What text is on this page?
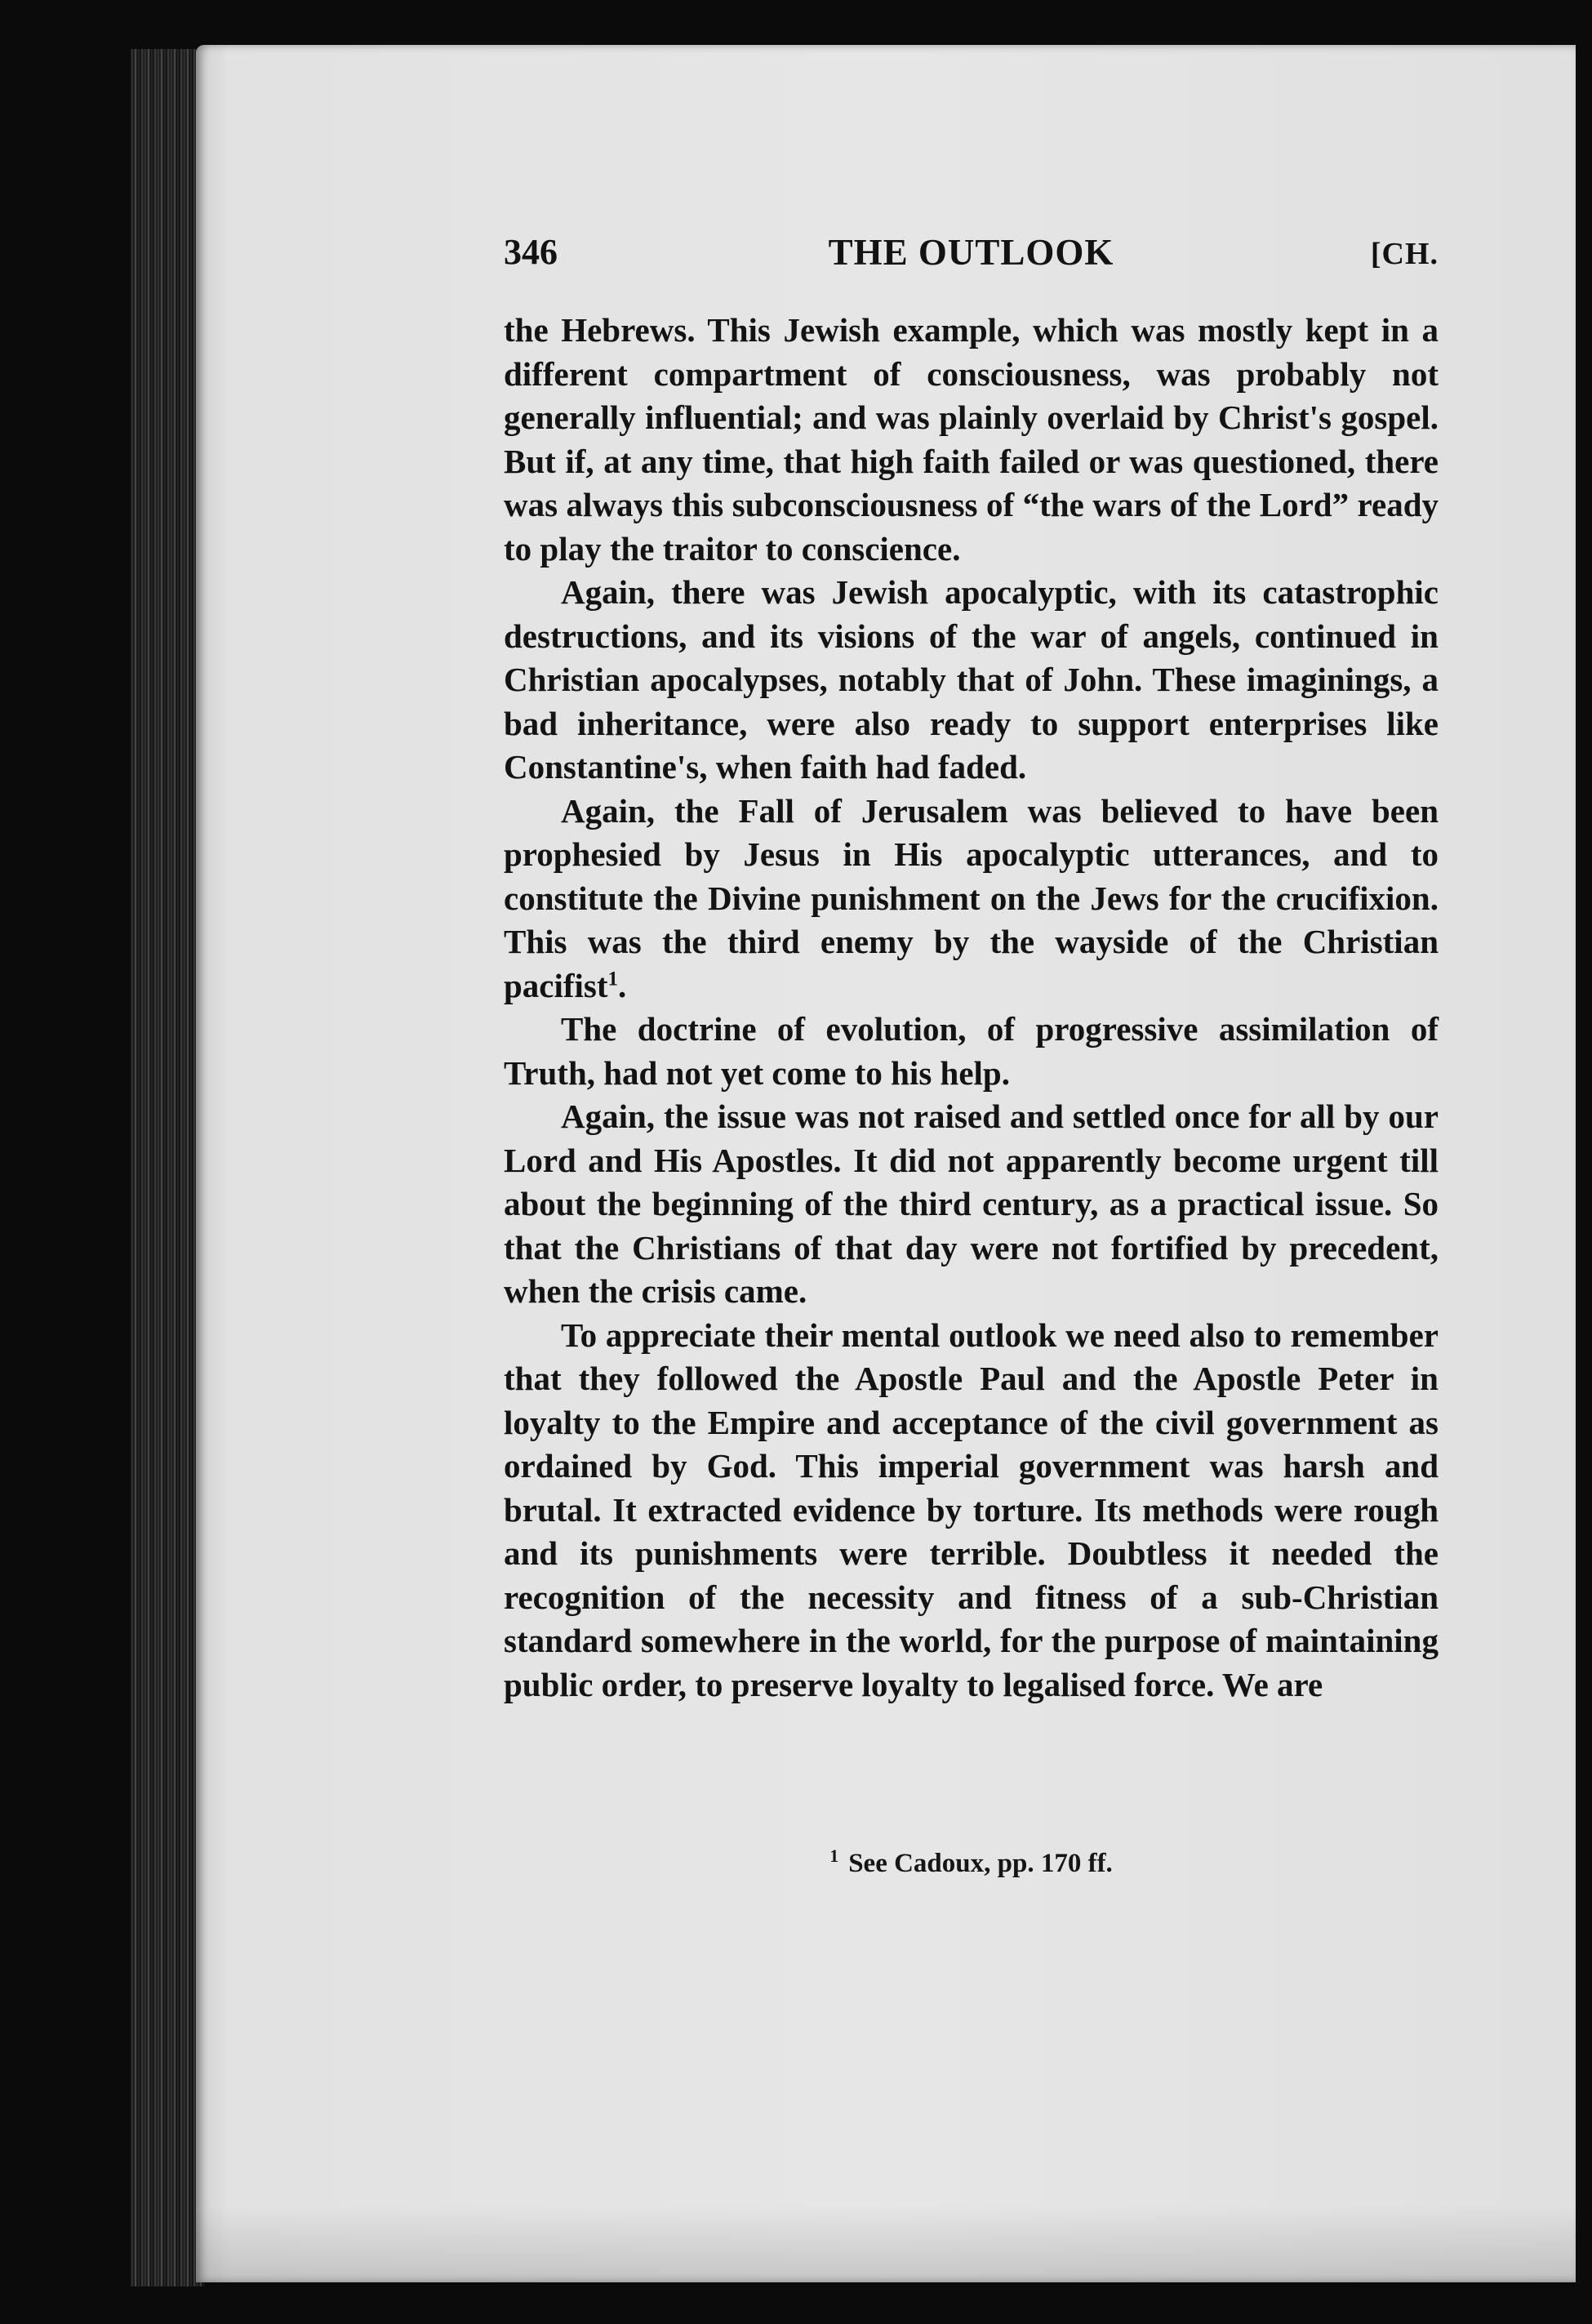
346	THE OUTLOOK	[CH.

the Hebrews. This Jewish example, which was mostly kept in a different compartment of consciousness, was probably not generally influential; and was plainly overlaid by Christ's gospel. But if, at any time, that high faith failed or was questioned, there was always this subconsciousness of “the wars of the Lord” ready to play the traitor to conscience.

Again, there was Jewish apocalyptic, with its catastrophic destructions, and its visions of the war of angels, continued in Christian apocalypses, notably that of John. These imaginings, a bad inheritance, were also ready to support enterprises like Constantine's, when faith had faded.

Again, the Fall of Jerusalem was believed to have been prophesied by Jesus in His apocalyptic utterances, and to constitute the Divine punishment on the Jews for the crucifixion. This was the third enemy by the wayside of the Christian pacifist$^1$.

The doctrine of evolution, of progressive assimilation of Truth, had not yet come to his help.

Again, the issue was not raised and settled once for all by our Lord and His Apostles. It did not apparently become urgent till about the beginning of the third century, as a practical issue. So that the Christians of that day were not fortified by precedent, when the crisis came.

To appreciate their mental outlook we need also to remember that they followed the Apostle Paul and the Apostle Peter in loyalty to the Empire and acceptance of the civil government as ordained by God. This imperial government was harsh and brutal. It extracted evidence by torture. Its methods were rough and its punishments were terrible. Doubtless it needed the recognition of the necessity and fitness of a sub-Christian standard somewhere in the world, for the purpose of maintaining public order, to preserve loyalty to legalised force. We are

$^1$ See Cadoux, pp. 170 ff.
